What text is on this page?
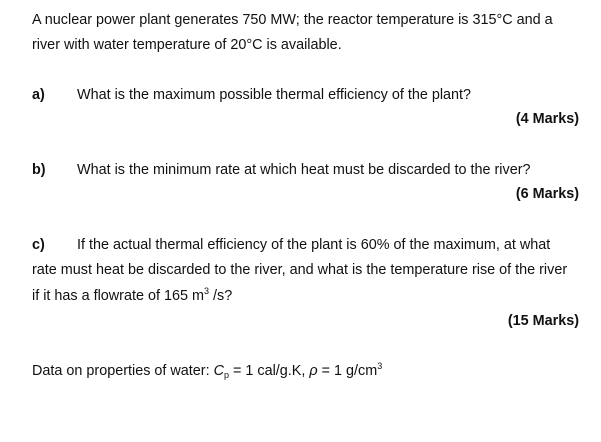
A nuclear power plant generates 750 MW; the reactor temperature is 315°C and a
river with water temperature of 20°C is available.
a) What is the maximum possible thermal efficiency of the plant?
(4 Marks)
b) What is the minimum rate at which heat must be discarded to the river?
(6 Marks)
c) If the actual thermal efficiency of the plant is 60% of the maximum, at what
rate must heat be discarded to the river, and what is the temperature rise of the river
if it has a flowrate of 165 $m^3$ /s?
(15 Marks)
Data on properties of water: $C_p = 1$ cal/g.K, ρ = 1 $g/cm^3$
